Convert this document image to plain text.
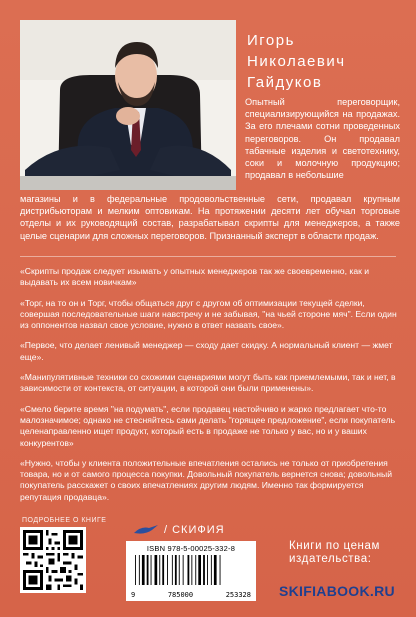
Игорь
Николаевич
Гайдуков
Опытный переговорщик, специализирующийся на продажах. За его плечами сотни проведенных переговоров. Он продавал табачные изделия и светотехнику, соки и молочную продукцию; продавал в небольшие
магазины и в федеральные продовольственные сети, продавал крупным дистрибьюторам и мелким оптовикам. На протяжении десяти лет обучал торговые отделы и их руководящий состав, разрабатывал скрипты для менеджеров, а также целые сценарии для сложных переговоров. Признанный эксперт в области продаж.

«Скрипты продаж следует изымать у опытных менеджеров так же своевременно, как и выдавать их всем новичкам»

«Торг, на то он и Торг, чтобы общаться друг с другом об оптимизации текущей сделки, совершая последовательные шаги навстречу и не забывая, "на чьей стороне мяч". Если один из оппонентов назвал свое условие, нужно в ответ назвать свое».

«Первое, что делает ленивый менеджер — сходу дает скидку. А нормальный клиент — жмет еще».

«Манипулятивные техники со схожими сценариями могут быть как приемлемыми, так и нет, в зависимости от контекста, от ситуации, в которой они были применены».

«Смело берите время "на подумать", если продавец настойчиво и жарко предлагает что-то малозначимое; однако не стесняйтесь сами делать "горящее предложение", если покупатель целенаправленно ищет продукт, который есть в продаже не только у вас, но и у ваших конкурентов»

«Нужно, чтобы у клиента положительные впечатления остались не только от приобретения товара, но и от самого процесса покупки. Довольный покупатель вернется снова; довольный покупатель расскажет о своих впечатлениях другим людям. Именно так формируется репутация продавца».

ПОДРОБНЕЕ О КНИГЕ
/ СКИФИЯ
ISBN 978-5-00025-332-8
9	785000	253328
Книги по ценам
издательства:
SKIFIABOOK.RU
